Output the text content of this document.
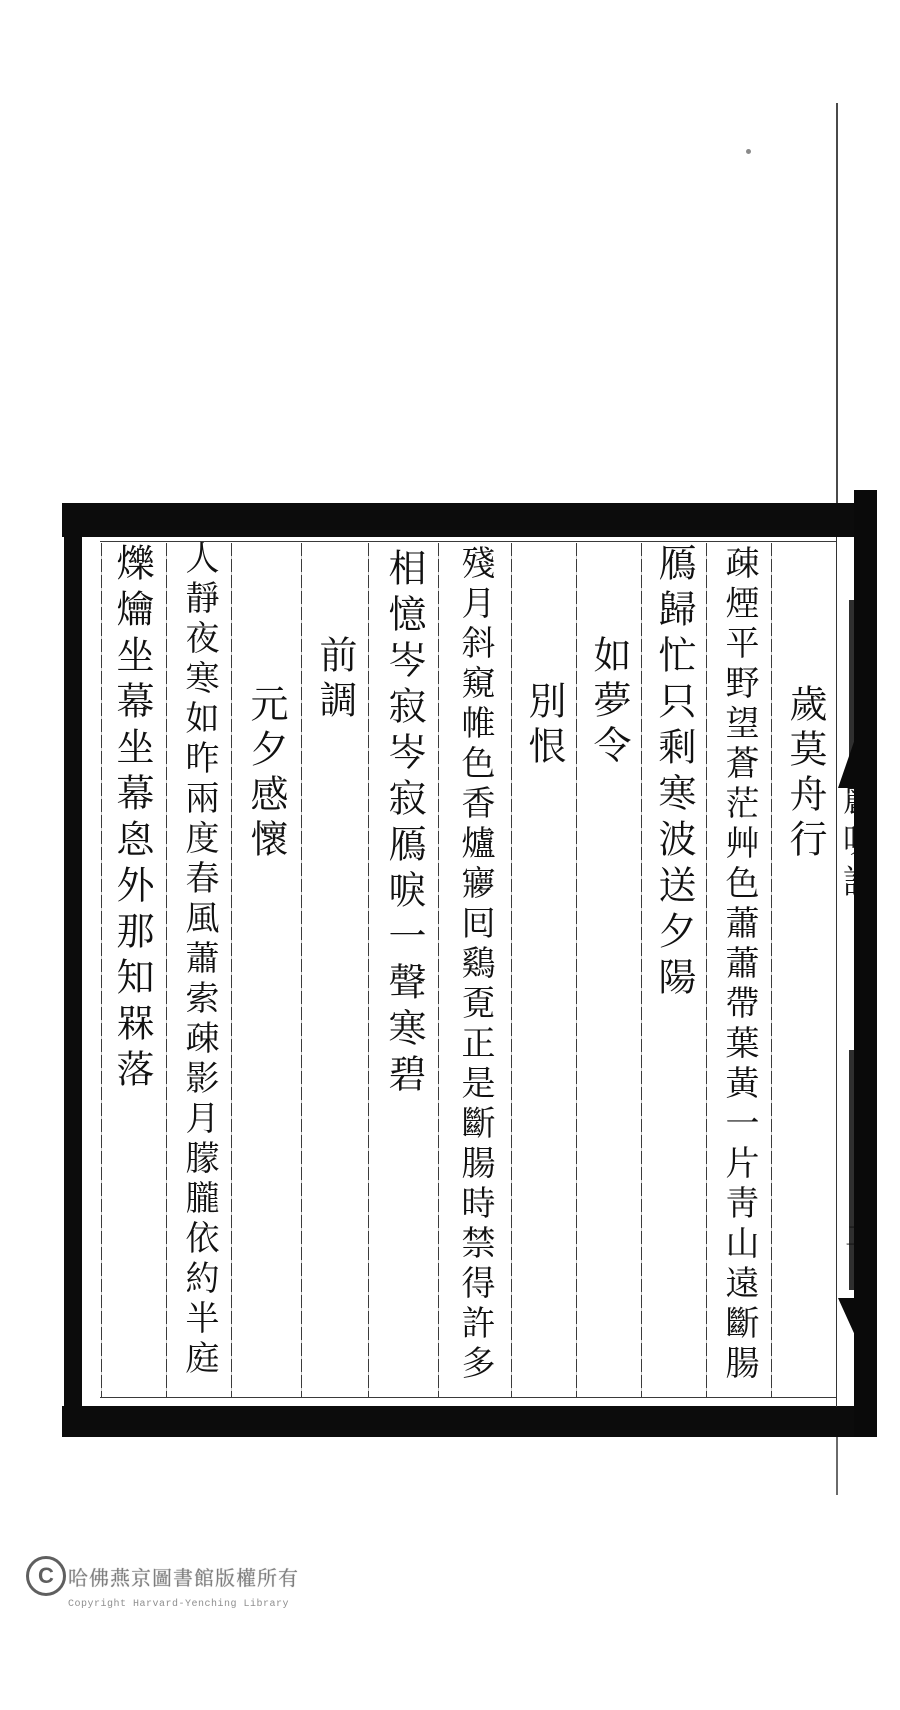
歲莫舟行
疎煙平野望蒼茫艸色蕭蕭帶葉黃一片靑山遠斷腸
鴈歸忙只剩寒波送夕陽
如夢令
別恨
殘月斜窺帷色香爐㝱囘鷄覔正是斷腸時禁得許多
相憶岑寂岑寂鴈唳一聲寒碧
前調
元夕感懷
人靜夜寒如昨兩度春風蕭索疎影月朦朧依約半庭
爍爚坐幕坐幕恖外那知槑落
C 哈佛燕京圖書館版權所有
Copyright Harvard-Yenching Library
